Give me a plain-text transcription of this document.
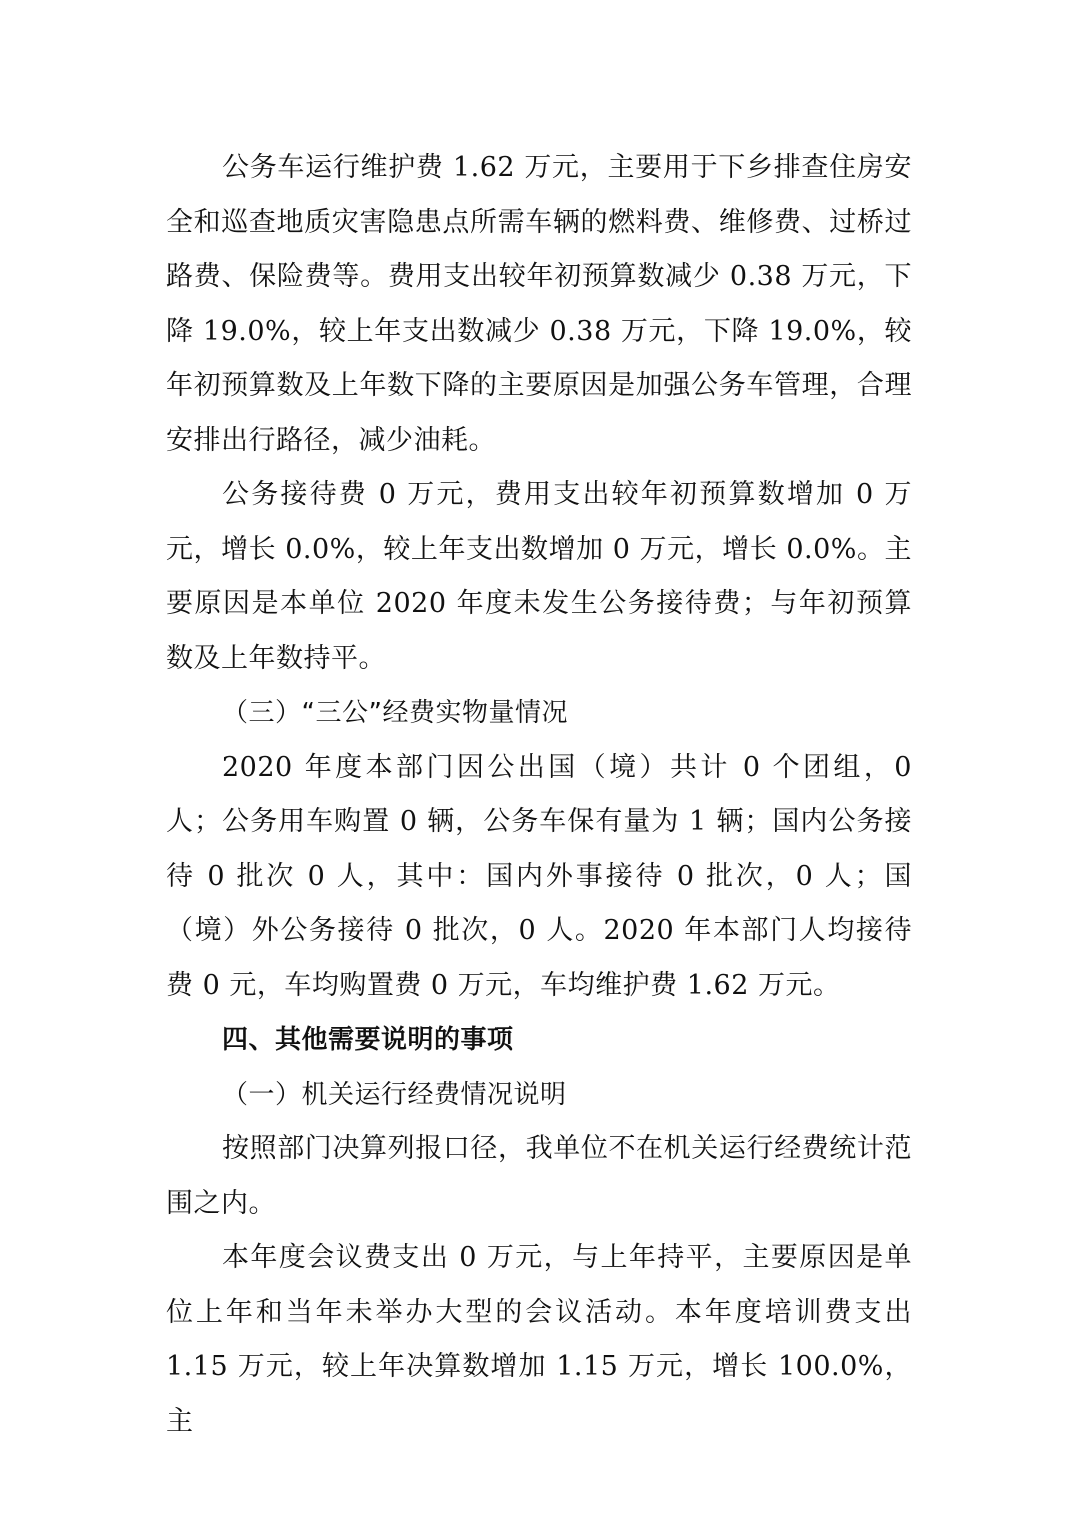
公务车运行维护费 1.62 万元，主要用于下乡排查住房安全和巡查地质灾害隐患点所需车辆的燃料费、维修费、过桥过路费、保险费等。费用支出较年初预算数减少 0.38 万元，下降 19.0%，较上年支出数减少 0.38 万元，下降 19.0%，较年初预算数及上年数下降的主要原因是加强公务车管理，合理安排出行路径，减少油耗。

公务接待费 0 万元，费用支出较年初预算数增加 0 万元，增长 0.0%，较上年支出数增加 0 万元，增长 0.0%。主要原因是本单位 2020 年度未发生公务接待费；与年初预算数及上年数持平。

（三）“三公”经费实物量情况

2020 年度本部门因公出国（境）共计 0 个团组，0 人；公务用车购置 0 辆，公务车保有量为 1 辆；国内公务接待 0 批次 0 人，其中：国内外事接待 0 批次，0 人；国（境）外公务接待 0 批次，0 人。2020 年本部门人均接待费 0 元，车均购置费 0 万元，车均维护费 1.62 万元。

四、其他需要说明的事项

（一）机关运行经费情况说明

按照部门决算列报口径，我单位不在机关运行经费统计范围之内。

本年度会议费支出 0 万元，与上年持平，主要原因是单位上年和当年未举办大型的会议活动。本年度培训费支出 1.15 万元，较上年决算数增加 1.15 万元，增长 100.0%，主
